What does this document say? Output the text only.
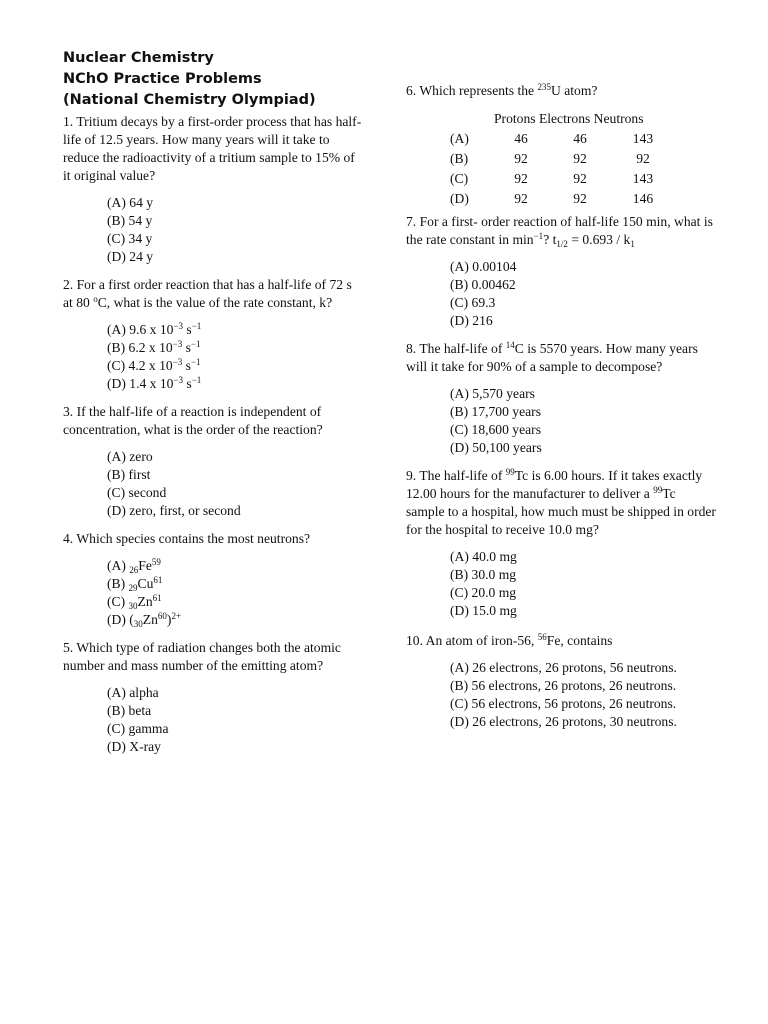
Nuclear Chemistry
NChO Practice Problems
(National Chemistry Olympiad)
1. Tritium decays by a first-order process that has half-life of 12.5 years. How many years will it take to reduce the radioactivity of a tritium sample to 15% of it original value?
(A) 64 y
(B) 54 y
(C) 34 y
(D) 24 y
2. For a first order reaction that has a half-life of 72 s at 80 $^o$C, what is the value of the rate constant, k?
(A) 9.6 x $10^{-3}$ $s^{-1}$
(B) 6.2 x $10^{-3}$ $s^{-1}$
(C) 4.2 x $10^{-3}$ $s^{-1}$
(D) 1.4 x $10^{-3}$ $s^{-1}$
3. If the half-life of a reaction is independent of concentration, what is the order of the reaction?
(A) zero
(B) first
(C) second
(D) zero, first, or second
4. Which species contains the most neutrons?
(A) $_{26}Fe^{59}$
(B) $_{29}Cu^{61}$
(C) $_{30}Zn^{61}$
(D) $(_{30}Zn^{60})^{2+}$
5. Which type of radiation changes both the atomic number and mass number of the emitting atom?
(A) alpha
(B) beta
(C) gamma
(D) X-ray
6. Which represents the $^{235}$U atom?
	Protons Electrons Neutrons		
(A)	46	46	143
(B)	92	92	92
(C)	92	92	143
(D)	92	92	146
7. For a first- order reaction of half-life 150 min, what is the rate constant in $\min^{-1}$? $t_{1/2} = 0.693 / k_1$
(A) 0.00104
(B) 0.00462
(C) 69.3
(D) 216
8. The half-life of $^{14}$C is 5570 years. How many years will it take for 90% of a sample to decompose?
(A) 5,570 years
(B) 17,700 years
(C) 18,600 years
(D) 50,100 years
9. The half-life of $^{99}$Tc is 6.00 hours. If it takes exactly 12.00 hours for the manufacturer to deliver a $^{99}$Tc sample to a hospital, how much must be shipped in order for the hospital to receive 10.0 mg?
(A) 40.0 mg
(B) 30.0 mg
(C) 20.0 mg
(D) 15.0 mg
10. An atom of iron-56, $^{56}$Fe, contains
(A) 26 electrons, 26 protons, 56 neutrons.
(B) 56 electrons, 26 protons, 26 neutrons.
(C) 56 electrons, 56 protons, 26 neutrons.
(D) 26 electrons, 26 protons, 30 neutrons.
